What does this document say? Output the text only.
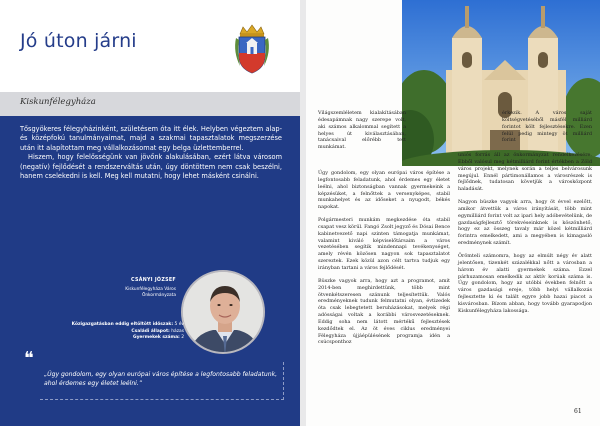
Jó úton járni
Kiskunfélegyháza

Tősgyökeres félegyházinként, születésem óta itt élek. Helyben végeztem alap- és középfokú tanulmányaimat, majd a szakmai tapasztalatok megszerzése után itt alapítottam meg vállalkozásomat egy belga üzlettemberrel.

Hiszem, hogy felelősségünk van jövőnk alakulásában, ezért látva városom (negatív) fejlődését a rendszerváltás után, úgy döntöttem nem csak beszélni, hanem cselekedni is kell. Meg kell mutatni, hogy lehet másként csinálni.

CSÁNYI JÓZSEF
Kiskunfélegyháza Város
Önkormányzata
Közigazgatásban eddig eltöltött időszak: 5 év
Családi állapot: házas
Gyermekek száma: 2
❝
„Úgy gondolom, egy olyan európai város építése a legfontosabb feladatunk, ahol érdemes egy életet leélni.”

Világszemléletem kialakításában édesapámnak nagy szerepe volt, aki számos alkalommal segített a helyes út kiválasztásában, tanácsaival előrébb tett munkámat.

Úgy gondolom, egy olyan európai város építése a legfontosabb feladatunk, ahol érdemes egy életet leélni, ahol biztonságban vannak gyermekeink a képzésüket, a felnőttek a versenyképes, stabil munkahelyet és az időseket a nyugodt, békés napokat.

Polgármesteri munkám megkezdése óta stabil csapat vesz körül. Fangó Zsolt jegyző és Dósai Bence kabinetvezető napi szinten támogatja munkámat, valamint kiváló képviselőtársaim a város vezetésében segítik mindennapi tevékenységet, amely révén közösen nagyon sok tapasztalatot szereztek. Ezek közül azon célt tartva tudjuk egy irányban tartani a város fejlődését.

Büszke vagyok arra, hogy azt a programot, amit 2014-ben meghirdettünk, több mint ötvenkétszeresen szánunk teljesítettük. Valós eredményeknek tudunk felmutatni olyan, évtizedek óta csak lebegtetett beruházásokat, melyek régi adósságai voltak a korábbi városvezetéseknek. Eddig soha nem látott mértékű fejlesztések kezdődtek el. Az öt éves ciklus eredményei Félegyháza újjáépülésének programja idén a csúcsponthoz

érkezik. A város saját költségvetéséből másfél milliárd forintot költ fejlesztésekre. Ezen felül pedig mintegy öt milliárd forint

uniós forrás áll az önkormányzat rendelkezésére. Ebből valósul meg kétmilliárd forint értékben a Zöld város projekt, melynek során a teljes belvárosunk megújul. Ennél pártimonállamos a városrészek is fejlődnek, tudatosan követjük a városközpont haladását.

Nagyon büszke vagyok arra, hogy öt évvel ezelőtt, amikor átvettük a város irányítását, több mint egymilliárd forint volt az ipari hely adóbevételünk, de gazdaságfejlesztő törekvéseinknek is köszönhető, hogy ez az összeg tavaly már közel kétmilliárd forintra emelkedett, ami a megyében is kimagasló eredménynek számít.

Örömteli számomra, hogy az elmúlt négy év alatt jelentősen, tizenkét százalékkal nőtt a városban a három év alatti gyermekek száma. Ezzel párhuzamosan emelkedik az aktív korúak száma is. Úgy gondolom, hogy az utóbbi években felnőtt a város gazdasági ereje, több helyi vállalkozás fejlesztette ki és talált egyre jobb hazai piacot a kisvárosban. Bízom abban, hogy tovább gyarapodjon Kiskunfélegyháza lakossága.

61
